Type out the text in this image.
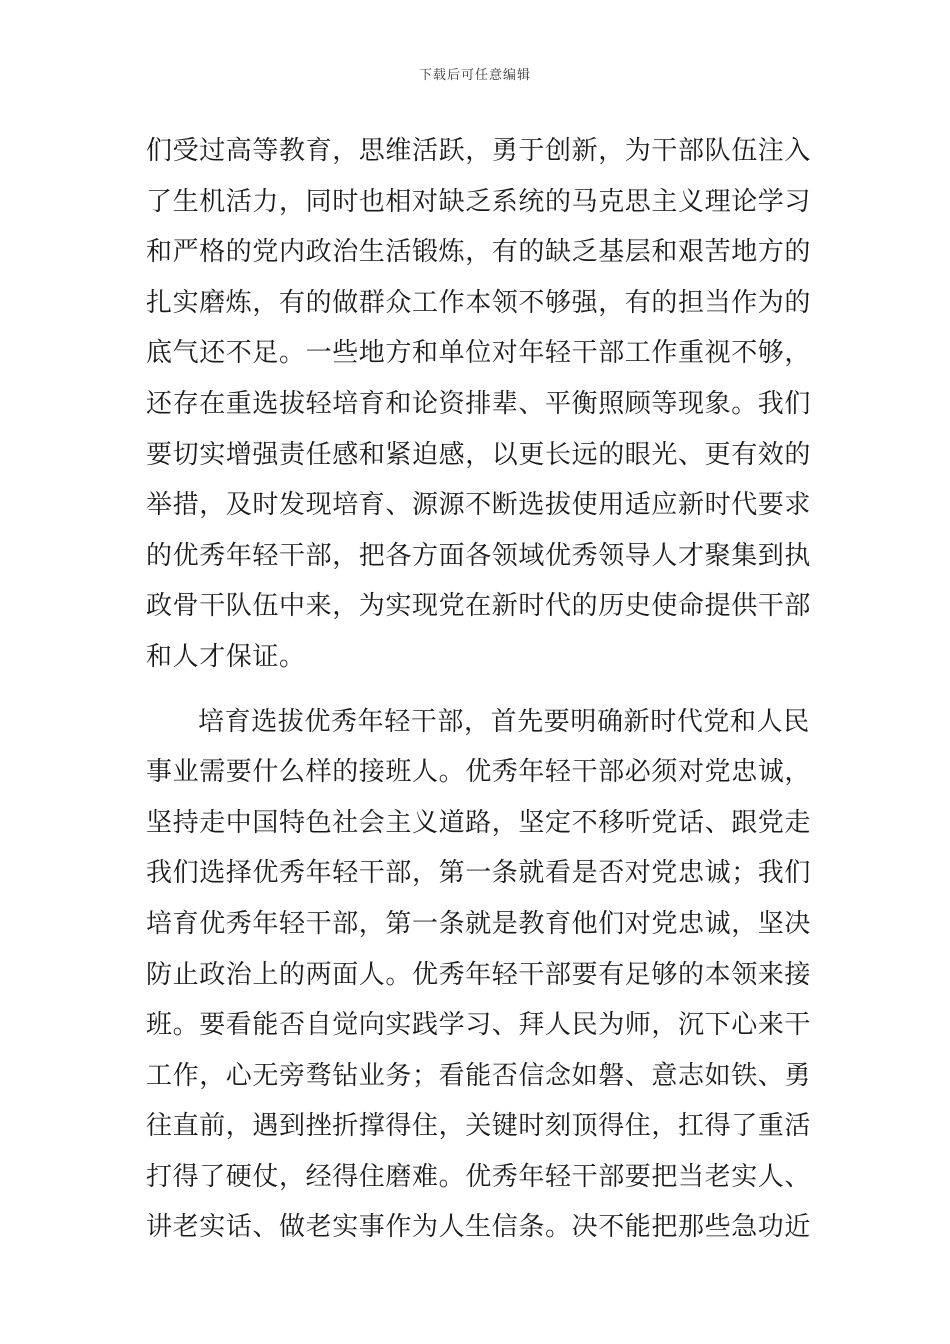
下载后可任意编辑
们受过高等教育，思维活跃，勇于创新，为干部队伍注入
了生机活力，同时也相对缺乏系统的马克思主义理论学习
和严格的党内政治生活锻炼，有的缺乏基层和艰苦地方的
扎实磨炼，有的做群众工作本领不够强，有的担当作为的
底气还不足。一些地方和单位对年轻干部工作重视不够，
还存在重选拔轻培育和论资排辈、平衡照顾等现象。我们
要切实增强责任感和紧迫感，以更长远的眼光、更有效的
举措，及时发现培育、源源不断选拔使用适应新时代要求
的优秀年轻干部，把各方面各领域优秀领导人才聚集到执
政骨干队伍中来，为实现党在新时代的历史使命提供干部
和人才保证。
培育选拔优秀年轻干部，首先要明确新时代党和人民
事业需要什么样的接班人。优秀年轻干部必须对党忠诚，
坚持走中国特色社会主义道路，坚定不移听党话、跟党走
我们选择优秀年轻干部，第一条就看是否对党忠诚；我们
培育优秀年轻干部，第一条就是教育他们对党忠诚，坚决
防止政治上的两面人。优秀年轻干部要有足够的本领来接
班。要看能否自觉向实践学习、拜人民为师，沉下心来干
工作，心无旁骛钻业务；看能否信念如磐、意志如铁、勇
往直前，遇到挫折撑得住，关键时刻顶得住，扛得了重活
打得了硬仗，经得住磨难。优秀年轻干部要把当老实人、
讲老实话、做老实事作为人生信条。决不能把那些急功近
